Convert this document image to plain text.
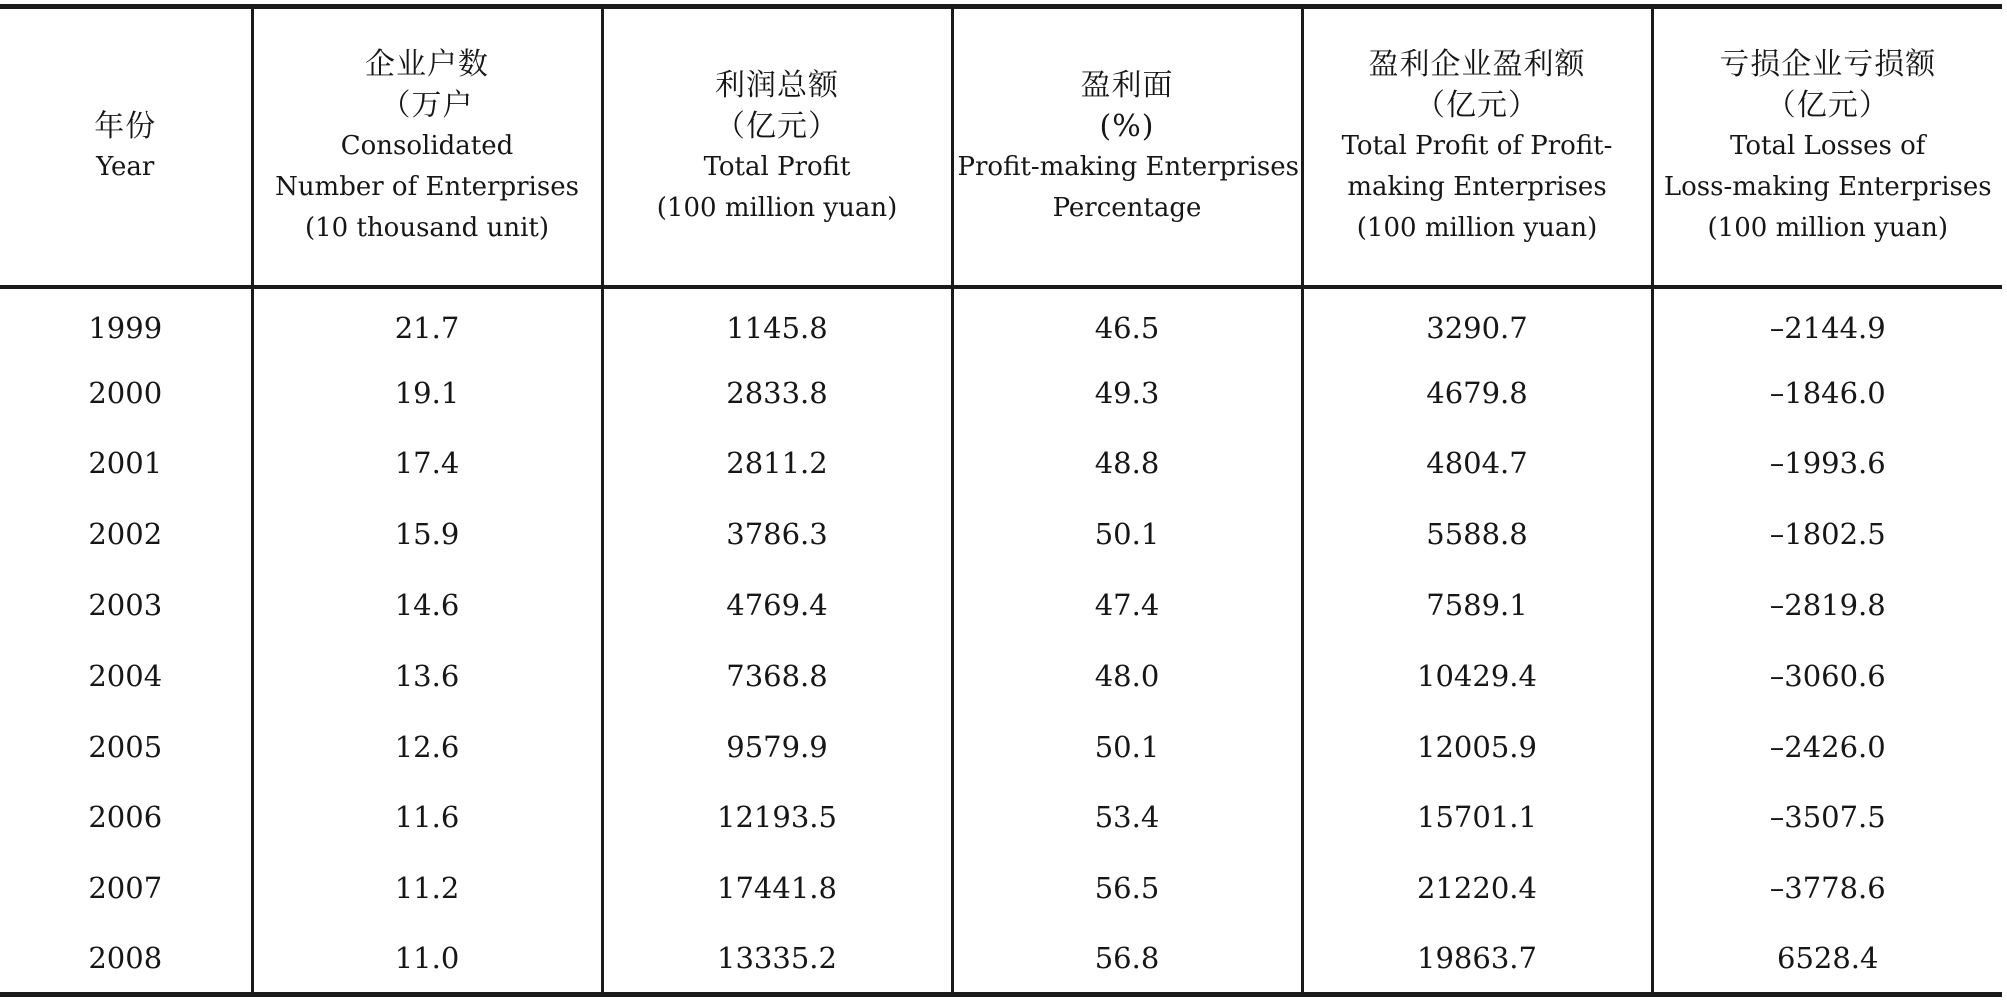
年份
Year	企业户数
（万户
Consolidated
Number of Enterprises
(10 thousand unit)	利润总额
（亿元）
Total Profit
(100 million yuan)	盈利面
(%)
Profit-making Enterprises
Percentage	盈利企业盈利额
（亿元）
Total Profit of Profit-
making Enterprises
(100 million yuan)	亏损企业亏损额
（亿元）
Total Losses of
Loss-making Enterprises
(100 million yuan)

1999	21.7	1145.8	46.5	3290.7	–2144.9
2000	19.1	2833.8	49.3	4679.8	–1846.0
2001	17.4	2811.2	48.8	4804.7	–1993.6
2002	15.9	3786.3	50.1	5588.8	–1802.5
2003	14.6	4769.4	47.4	7589.1	–2819.8
2004	13.6	7368.8	48.0	10429.4	–3060.6
2005	12.6	9579.9	50.1	12005.9	–2426.0
2006	11.6	12193.5	53.4	15701.1	–3507.5
2007	11.2	17441.8	56.5	21220.4	–3778.6
2008	11.0	13335.2	56.8	19863.7	6528.4
